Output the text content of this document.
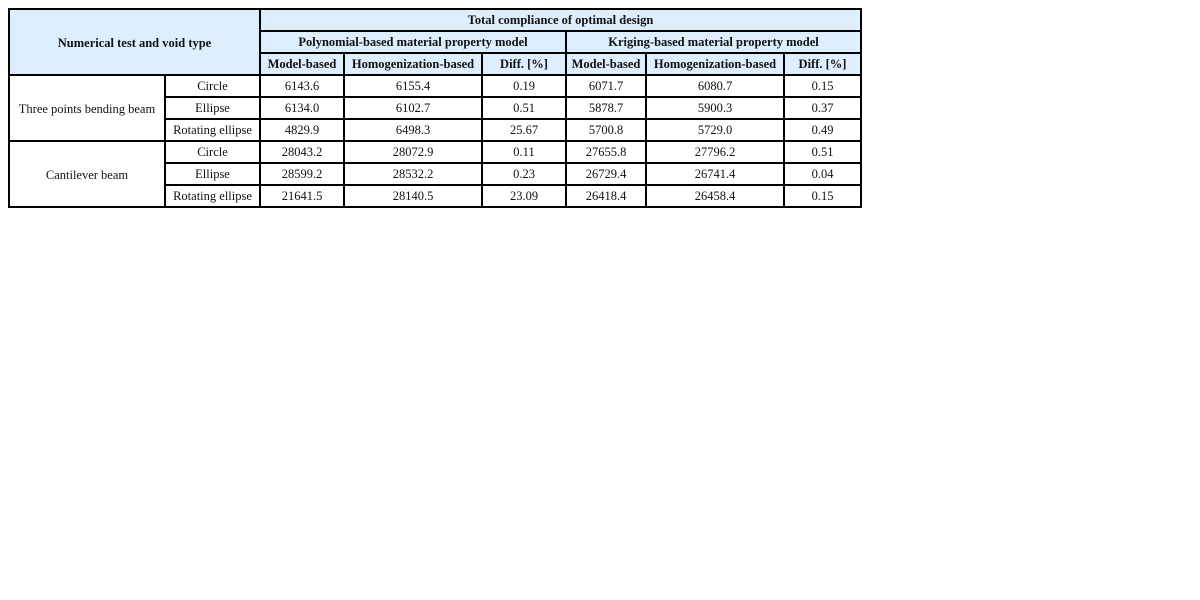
Numerical test and void type		Total compliance of optimal design					
		Polynomial-based material property model			Kriging-based material property model		
		Model-based	Homogenization-based	Diff. [%]	Model-based	Homogenization-based	Diff. [%]
Three points bending beam	Circle	6143.6	6155.4	0.19	6071.7	6080.7	0.15
	Ellipse	6134.0	6102.7	0.51	5878.7	5900.3	0.37
	Rotating ellipse	4829.9	6498.3	25.67	5700.8	5729.0	0.49
Cantilever beam	Circle	28043.2	28072.9	0.11	27655.8	27796.2	0.51
	Ellipse	28599.2	28532.2	0.23	26729.4	26741.4	0.04
	Rotating ellipse	21641.5	28140.5	23.09	26418.4	26458.4	0.15
